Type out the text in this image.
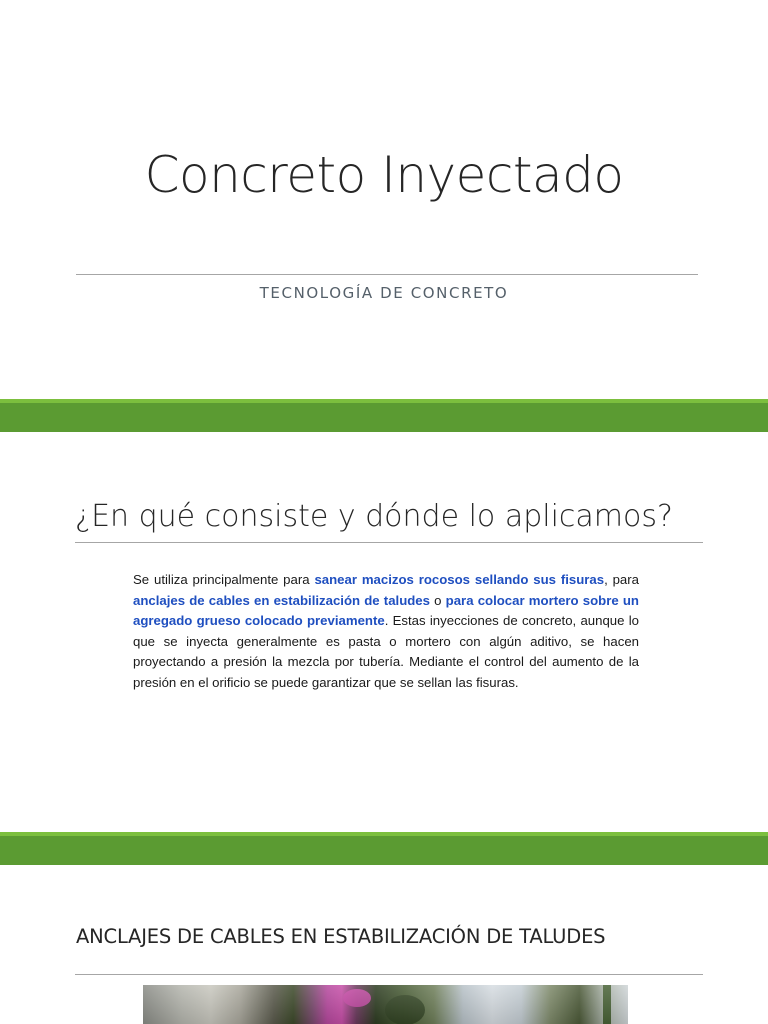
Concreto Inyectado
TECNOLOGÍA DE CONCRETO
¿En qué consiste y dónde lo aplicamos?
Se utiliza principalmente para sanear macizos rocosos sellando sus fisuras, para anclajes de cables en estabilización de taludes o para colocar mortero sobre un agregado grueso colocado previamente. Estas inyecciones de concreto, aunque lo que se inyecta generalmente es pasta o mortero con algún aditivo, se hacen proyectando a presión la mezcla por tubería. Mediante el control del aumento de la presión en el orificio se puede garantizar que se sellan las fisuras.
ANCLAJES DE CABLES EN ESTABILIZACIÓN DE TALUDES
